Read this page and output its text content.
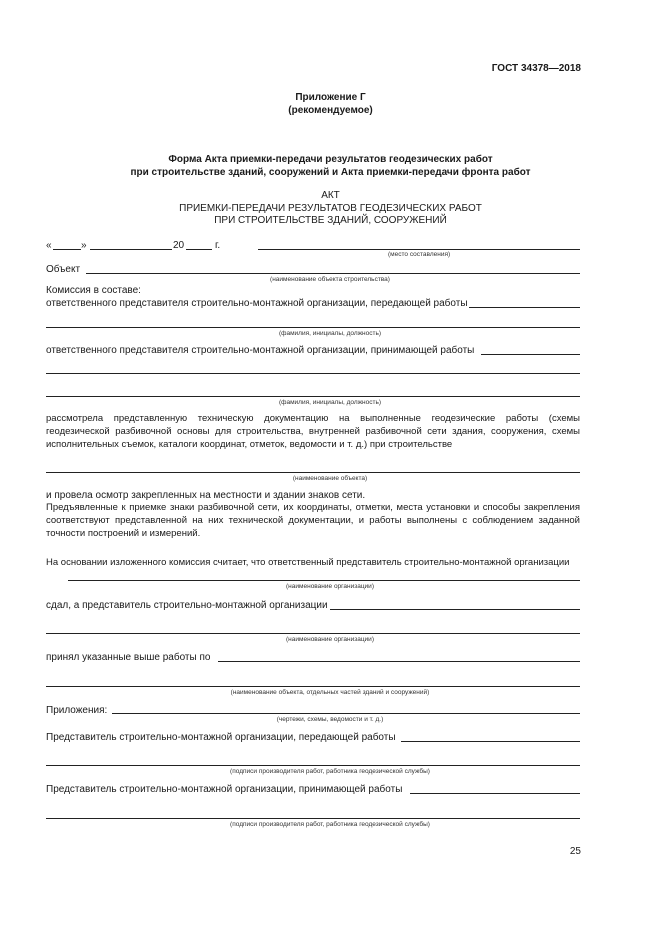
ГОСТ 34378—2018
Приложение Г
(рекомендуемое)
Форма Акта приемки-передачи результатов геодезических работ
при строительстве зданий, сооружений и Акта приемки-передачи фронта работ
АКТ
ПРИЕМКИ-ПЕРЕДАЧИ РЕЗУЛЬТАТОВ ГЕОДЕЗИЧЕСКИХ РАБОТ
ПРИ СТРОИТЕЛЬСТВЕ ЗДАНИЙ, СООРУЖЕНИЙ
«	»	20	г.
(место составления)
Объект
(наименование объекта строительства)
Комиссия в составе:
ответственного представителя строительно-монтажной организации, передающей работы
(фамилия, инициалы, должность)
ответственного представителя строительно-монтажной организации, принимающей работы
(фамилия, инициалы, должность)
рассмотрела представленную техническую документацию на выполненные геодезические работы (схемы геодезической разбивочной основы для строительства, внутренней разбивочной сети здания, сооружения, схемы исполнительных съемок, каталоги координат, отметок, ведомости и т. д.) при строительстве
(наименование объекта)
и провела осмотр закрепленных на местности и здании знаков сети.
Предъявленные к приемке знаки разбивочной сети, их координаты, отметки, места установки и способы закрепления соответствуют представленной на них технической документации, и работы выполнены с соблюдением заданной точности построений и измерений.
На основании изложенного комиссия считает, что ответственный представитель строительно-монтажной организации
(наименование организации)
сдал, а представитель строительно-монтажной организации
(наименование организации)
принял указанные выше работы по
(наименование объекта, отдельных частей зданий и сооружений)
Приложения:
(чертежи, схемы, ведомости и т. д.)
Представитель строительно-монтажной организации, передающей работы
(подписи производителя работ, работника геодезической службы)
Представитель строительно-монтажной организации, принимающей работы
(подписи производителя работ, работника геодезической службы)
25
